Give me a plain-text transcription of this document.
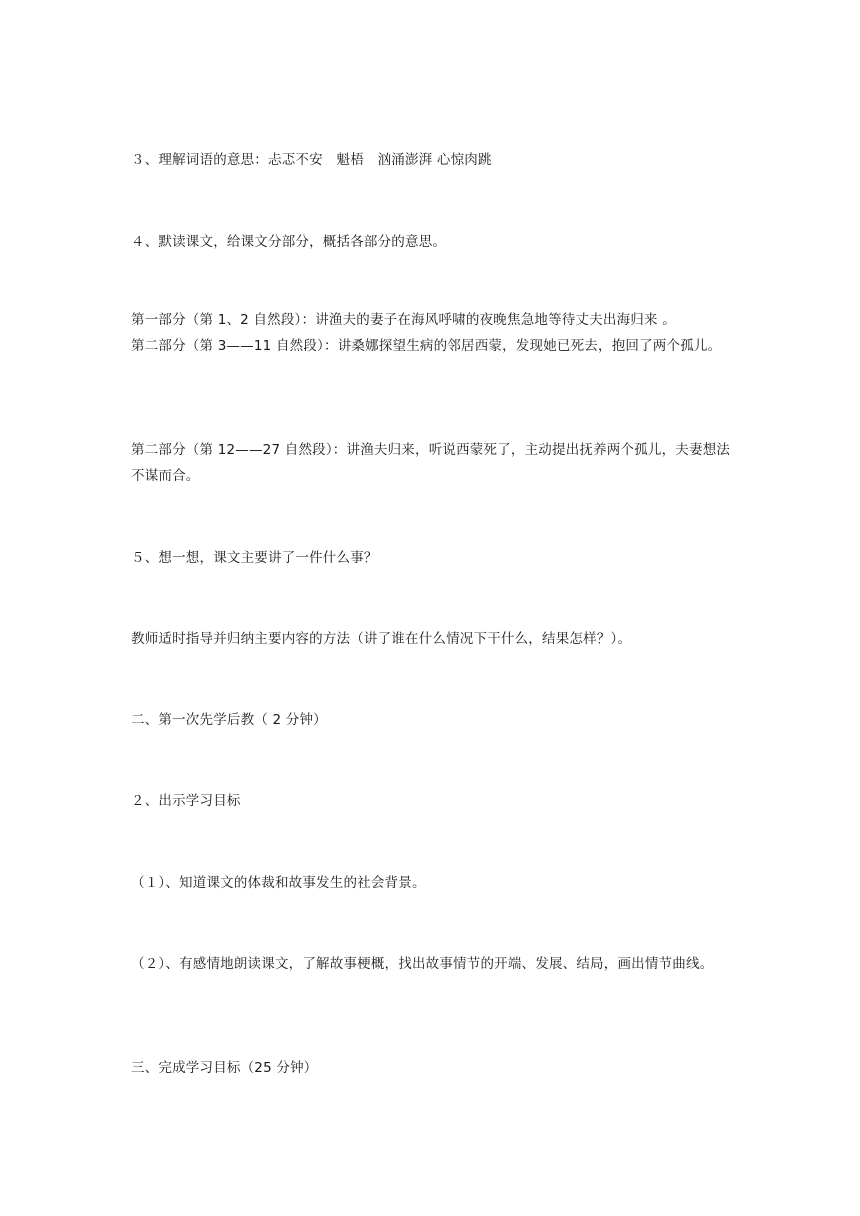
３、理解词语的意思：忐忑不安　魁梧　汹涌澎湃 心惊肉跳
４、默读课文，给课文分部分，概括各部分的意思。
第一部分（第 1、2 自然段）：讲渔夫的妻子在海风呼啸的夜晚焦急地等待丈夫出海归来 。
第二部分（第 3——11 自然段）：讲桑娜探望生病的邻居西蒙，发现她已死去，抱回了两个孤儿。
第二部分（第 12——27 自然段）：讲渔夫归来，听说西蒙死了，主动提出抚养两个孤儿，夫妻想法不谋而合。
５、想一想，课文主要讲了一件什么事？
教师适时指导并归纳主要内容的方法（讲了谁在什么情况下干什么，结果怎样？）。
二、第一次先学后教（ 2 分钟）
２、出示学习目标
（１）、知道课文的体裁和故事发生的社会背景。
（２）、有感情地朗读课文，了解故事梗概，找出故事情节的开端、发展、结局，画出情节曲线。
三、完成学习目标（25 分钟）
